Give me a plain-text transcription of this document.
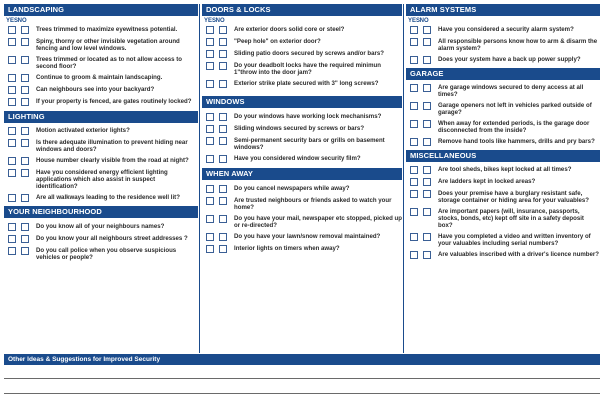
LANDSCAPING
YES NO
Trees trimmed to maximize eyewitness potential.
Spiny, thorny or other invisible vegetation around fencing and low level windows.
Trees trimmed or located as to not allow access to second floor?
Continue to groom & maintain landscaping.
Can neighbours see into your backyard?
If your property is fenced, are gates routinely locked?
LIGHTING
Motion activated exterior lights?
Is there adequate illumination to prevent hiding near windows and doors?
House number clearly visible from the road at night?
Have you considered energy efficient lighting applications which also assist in suspect identification?
Are all walkways leading to the residence well lit?
YOUR NEIGHBOURHOOD
Do you know all of your neighbours names?
Do you know your all neighbours street addresses ?
Do you call police when you observe suspicious vehicles or people?
DOORS & LOCKS
YES NO
Are exterior doors solid core or steel?
"Peep hole" on exterior door?
Sliding patio doors secured by screws and/or bars?
Do your deadbolt locks have the required minimun 1"throw into the door jam?
Exterior strike plate secured with 3" long screws?
WINDOWS
Do your windows have working lock mechanisms?
Sliding windows secured by screws or bars?
Semi-permanent security bars or grills on basement windows?
Have you considered window security film?
WHEN AWAY
Do you cancel newspapers while away?
Are trusted neighbours or friends asked to watch your home?
Do you have your mail, newspaper etc stopped, picked up or re-directed?
Do you have your lawn/snow removal maintained?
Interior lights on timers when away?
ALARM SYSTEMS
YES NO
Have you considered a security alarm system?
All responsible persons know how to arm & disarm the alarm system?
Does your system have a back up power supply?
GARAGE
Are garage windows secured to deny access at all times?
Garage openers not left in vehicles parked outside of garage?
When away for extended periods, is the garage door disconnected from the inside?
Remove hand tools like hammers, drills and pry bars?
MISCELLANEOUS
Are tool sheds, bikes kept locked at all times?
Are ladders kept in locked areas?
Does your premise have a burglary resistant safe, storage container or hiding area for your valuables?
Are important papers (will, insurance, passports, stocks, bonds, etc) kept off site in a safety deposit box?
Have you completed a video and written inventory of your valuables including serial numbers?
Are valuables inscribed with a driver's licence number?
Other Ideas & Suggestions for Improved Security
